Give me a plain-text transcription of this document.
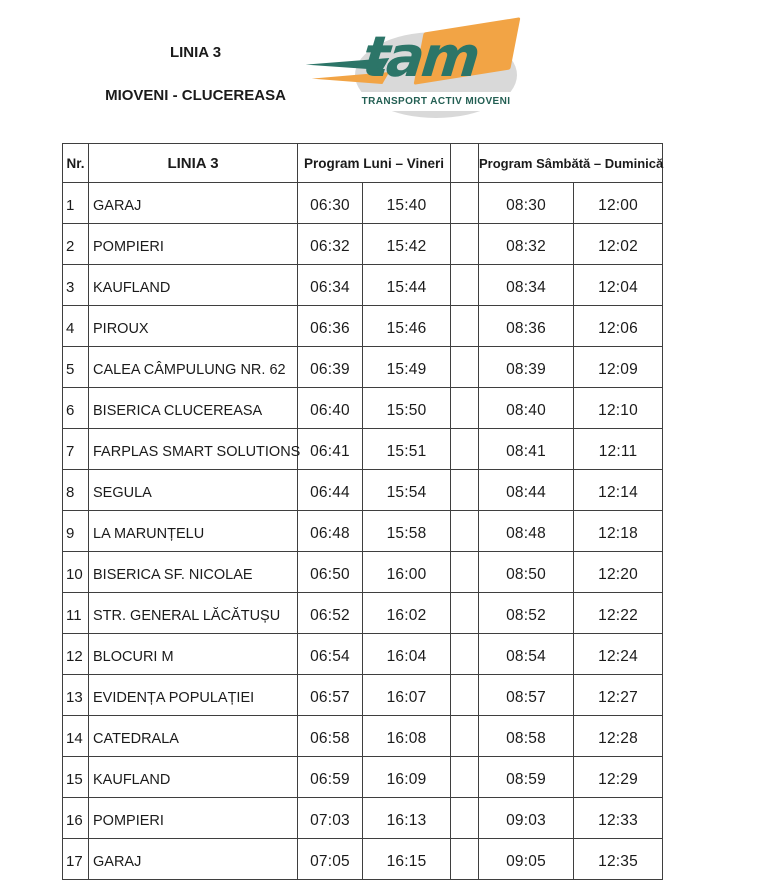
LINIA 3
MIOVENI - CLUCEREASA
tam
TRANSPORT ACTIV MIOVENI
Nr.	LINIA 3	Program Luni – Vineri			Program Sâmbătă – Duminică	
1	GARAJ	06:30	15:40		08:30	12:00
2	POMPIERI	06:32	15:42		08:32	12:02
3	KAUFLAND	06:34	15:44		08:34	12:04
4	PIROUX	06:36	15:46		08:36	12:06
5	CALEA CÂMPULUNG NR. 62	06:39	15:49		08:39	12:09
6	BISERICA CLUCEREASA	06:40	15:50		08:40	12:10
7	FARPLAS SMART SOLUTIONS	06:41	15:51		08:41	12:11
8	SEGULA	06:44	15:54		08:44	12:14
9	LA MARUNȚELU	06:48	15:58		08:48	12:18
10	BISERICA SF. NICOLAE	06:50	16:00		08:50	12:20
11	STR. GENERAL LĂCĂTUȘU	06:52	16:02		08:52	12:22
12	BLOCURI M	06:54	16:04		08:54	12:24
13	EVIDENȚA POPULAȚIEI	06:57	16:07		08:57	12:27
14	CATEDRALA	06:58	16:08		08:58	12:28
15	KAUFLAND	06:59	16:09		08:59	12:29
16	POMPIERI	07:03	16:13		09:03	12:33
17	GARAJ	07:05	16:15		09:05	12:35
